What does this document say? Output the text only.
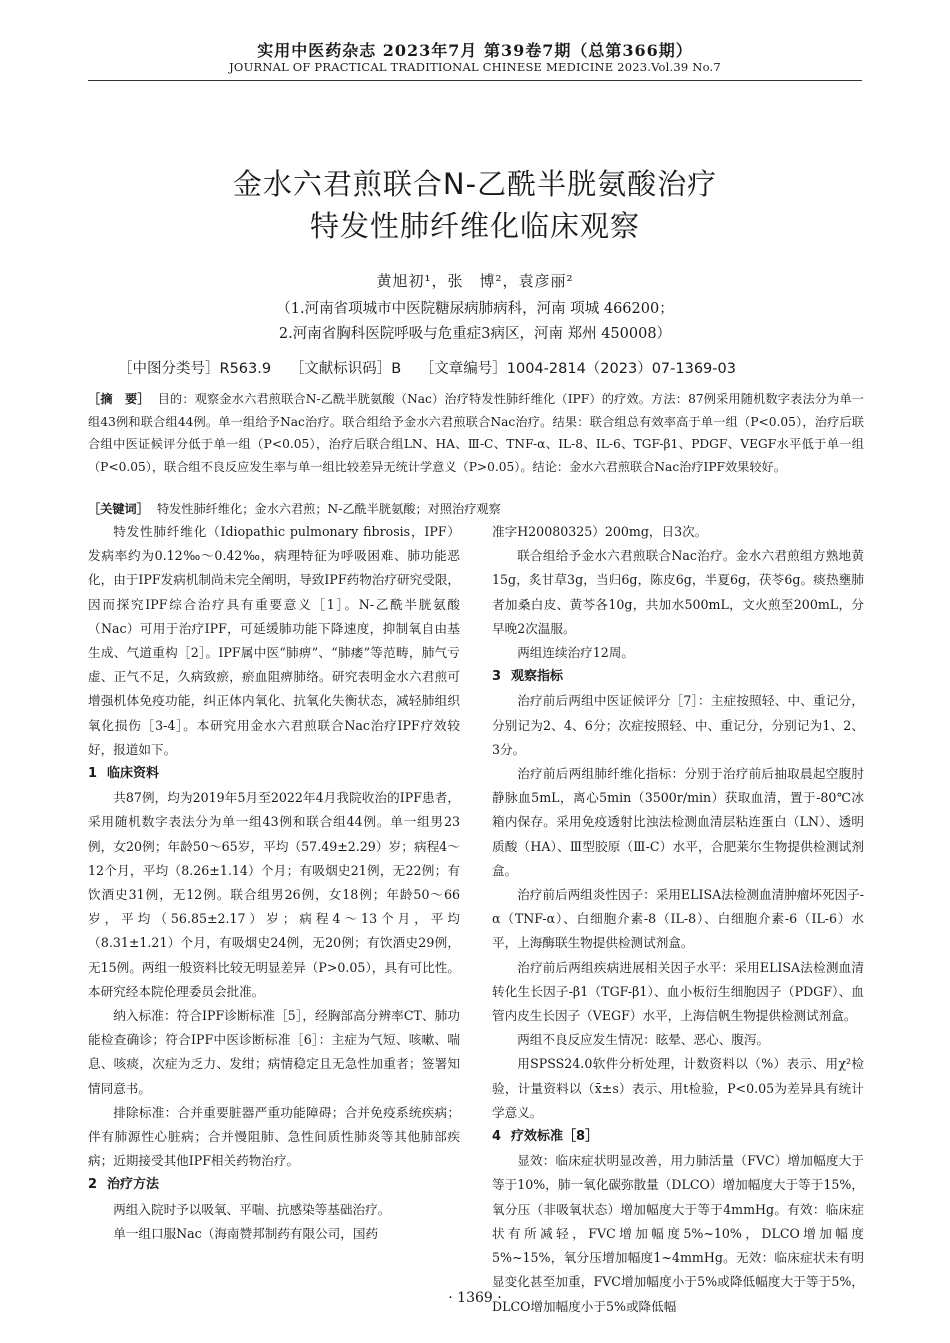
实用中医药杂志 2023年7月 第39卷7期（总第366期）
JOURNAL OF PRACTICAL TRADITIONAL CHINESE MEDICINE 2023.Vol.39 No.7
金水六君煎联合N-乙酰半胱氨酸治疗
特发性肺纤维化临床观察
黄旭初¹，张　博²，袁彦丽²
（1.河南省项城市中医院糖尿病肺病科，河南 项城 466200；
2.河南省胸科医院呼吸与危重症3病区，河南 郑州 450008）
［中图分类号］R563.9 ［文献标识码］B ［文章编号］1004-2814（2023）07-1369-03
［摘　要］ 目的：观察金水六君煎联合N-乙酰半胱氨酸（Nac）治疗特发性肺纤维化（IPF）的疗效。方法：87例采用随机数字表法分为单一组43例和联合组44例。单一组给予Nac治疗。联合组给予金水六君煎联合Nac治疗。结果：联合组总有效率高于单一组（P<0.05），治疗后联合组中医证候评分低于单一组（P<0.05），治疗后联合组LN、HA、Ⅲ-C、TNF-α、IL-8、IL-6、TGF-β1、PDGF、VEGF水平低于单一组（P<0.05），联合组不良反应发生率与单一组比较差异无统计学意义（P>0.05）。结论：金水六君煎联合Nac治疗IPF效果较好。
［关键词］ 特发性肺纤维化；金水六君煎；N-乙酰半胱氨酸；对照治疗观察

特发性肺纤维化（Idiopathic pulmonary fibrosis，IPF）发病率约为0.12‰～0.42‰，病理特征为呼吸困难、肺功能恶化，由于IPF发病机制尚未完全阐明，导致IPF药物治疗研究受限，因而探究IPF综合治疗具有重要意义［1］。N-乙酰半胱氨酸（Nac）可用于治疗IPF，可延缓肺功能下降速度，抑制氧自由基生成、气道重构［2］。IPF属中医“肺痹”、“肺痿”等范畴，肺气亏虚、正气不足，久病致瘀，瘀血阻痹肺络。研究表明金水六君煎可增强机体免疫功能，纠正体内氧化、抗氧化失衡状态，减轻肺组织氧化损伤［3-4］。本研究用金水六君煎联合Nac治疗IPF疗效较好，报道如下。

1 临床资料

共87例，均为2019年5月至2022年4月我院收治的IPF患者，采用随机数字表法分为单一组43例和联合组44例。单一组男23例，女20例；年龄50～65岁，平均（57.49±2.29）岁；病程4～12个月，平均（8.26±1.14）个月；有吸烟史21例，无22例；有饮酒史31例，无12例。联合组男26例，女18例；年龄50～66岁，平均（56.85±2.17）岁；病程4～13个月，平均（8.31±1.21）个月，有吸烟史24例，无20例；有饮酒史29例，无15例。两组一般资料比较无明显差异（P>0.05），具有可比性。本研究经本院伦理委员会批准。

纳入标准：符合IPF诊断标准［5］，经胸部高分辨率CT、肺功能检查确诊；符合IPF中医诊断标准［6］：主症为气短、咳嗽、喘息、咳痰，次症为乏力、发绀；病情稳定且无急性加重者；签署知情同意书。

排除标准：合并重要脏器严重功能障碍；合并免疫系统疾病；伴有肺源性心脏病；合并慢阻肺、急性间质性肺炎等其他肺部疾病；近期接受其他IPF相关药物治疗。

2 治疗方法

两组入院时予以吸氧、平喘、抗感染等基础治疗。

单一组口服Nac（海南赞邦制药有限公司，国药

准字H20080325）200mg，日3次。

联合组给予金水六君煎联合Nac治疗。金水六君煎组方熟地黄15g，炙甘草3g，当归6g，陈皮6g，半夏6g，茯苓6g。痰热壅肺者加桑白皮、黄芩各10g，共加水500mL，文火煎至200mL，分早晚2次温服。

两组连续治疗12周。

3 观察指标

治疗前后两组中医证候评分［7］：主症按照轻、中、重记分，分别记为2、4、6分；次症按照轻、中、重记分，分别记为1、2、3分。

治疗前后两组肺纤维化指标：分别于治疗前后抽取晨起空腹肘静脉血5mL，离心5min（3500r/min）获取血清，置于-80℃冰箱内保存。采用免疫透射比浊法检测血清层粘连蛋白（LN）、透明质酸（HA）、Ⅲ型胶原（Ⅲ-C）水平，合肥莱尔生物提供检测试剂盒。

治疗前后两组炎性因子：采用ELISA法检测血清肿瘤坏死因子-α（TNF-α）、白细胞介素-8（IL-8）、白细胞介素-6（IL-6）水平，上海酶联生物提供检测试剂盒。

治疗前后两组疾病进展相关因子水平：采用ELISA法检测血清转化生长因子-β1（TGF-β1）、血小板衍生细胞因子（PDGF）、血管内皮生长因子（VEGF）水平，上海信帆生物提供检测试剂盒。

两组不良反应发生情况：眩晕、恶心、腹泻。

用SPSS24.0软件分析处理，计数资料以（%）表示、用χ²检验，计量资料以（x̄±s）表示、用t检验，P<0.05为差异具有统计学意义。

4 疗效标准［8］

显效：临床症状明显改善，用力肺活量（FVC）增加幅度大于等于10%，肺一氧化碳弥散量（DLCO）增加幅度大于等于15%，氧分压（非吸氧状态）增加幅度大于等于4mmHg。有效：临床症状有所减轻，FVC增加幅度5%~10%，DLCO增加幅度5%~15%，氧分压增加幅度1~4mmHg。无效：临床症状未有明显变化甚至加重，FVC增加幅度小于5%或降低幅度大于等于5%，DLCO增加幅度小于5%或降低幅

· 1369 ·
